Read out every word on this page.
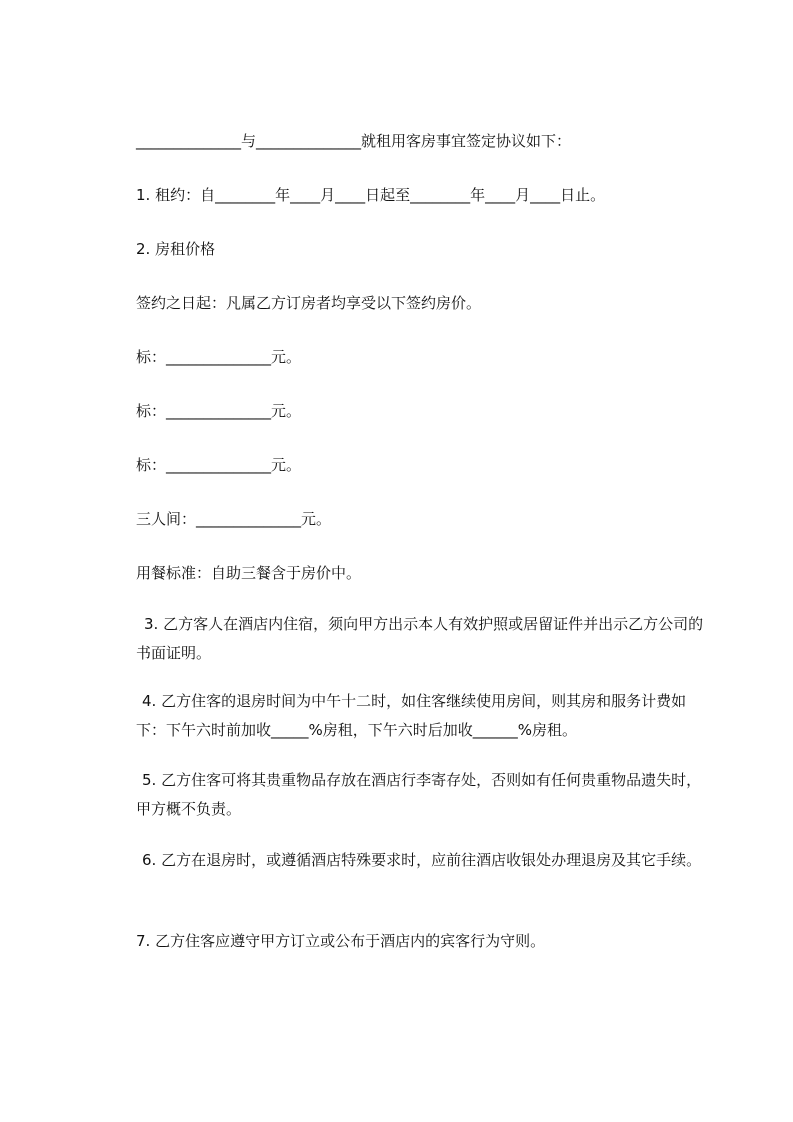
______________与______________就租用客房事宜签定协议如下：
1. 租约：自________年____月____日起至________年____月____日止。
2. 房租价格
签约之日起：凡属乙方订房者均享受以下签约房价。
标：______________元。
标：______________元。
标：______________元。
三人间：______________元。
用餐标准：自助三餐含于房价中。
3. 乙方客人在酒店内住宿，须向甲方出示本人有效护照或居留证件并出示乙方公司的书面证明。
4. 乙方住客的退房时间为中午十二时，如住客继续使用房间，则其房和服务计费如下：下午六时前加收_____%房租，下午六时后加收______%房租。
5. 乙方住客可将其贵重物品存放在酒店行李寄存处，否则如有任何贵重物品遗失时，甲方概不负责。
6. 乙方在退房时，或遵循酒店特殊要求时，应前往酒店收银处办理退房及其它手续。
7. 乙方住客应遵守甲方订立或公布于酒店内的宾客行为守则。
